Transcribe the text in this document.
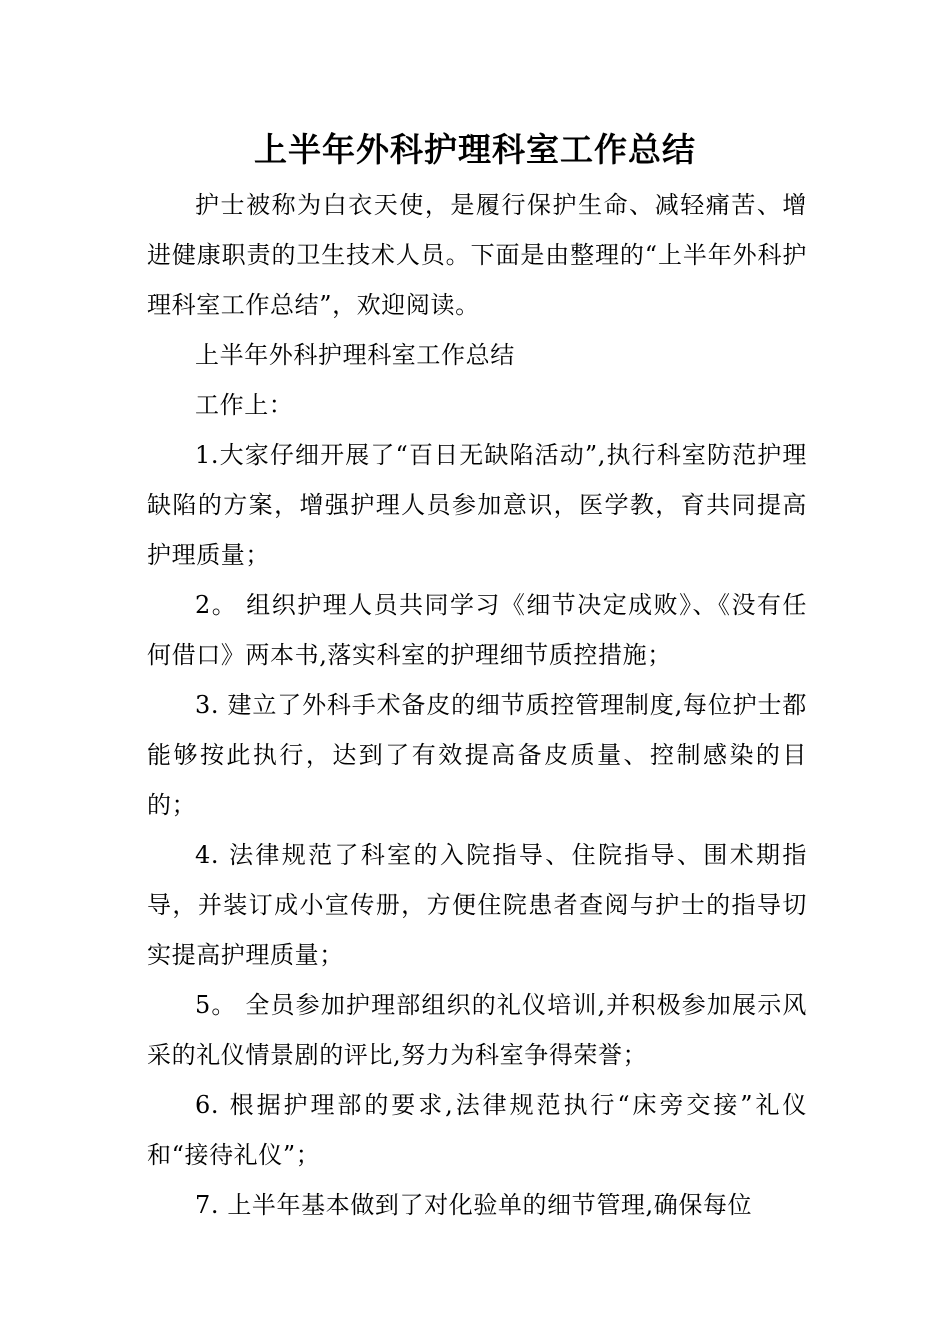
上半年外科护理科室工作总结

护士被称为白衣天使，是履行保护生命、减轻痛苦、增进健康职责的卫生技术人员。下面是由整理的“上半年外科护理科室工作总结”，欢迎阅读。

上半年外科护理科室工作总结

工作上：

1.大家仔细开展了“百日无缺陷活动”,执行科室防范护理缺陷的方案，增强护理人员参加意识，医学教，育共同提高护理质量；

2。 组织护理人员共同学习《细节决定成败》、《没有任何借口》两本书,落实科室的护理细节质控措施；

3. 建立了外科手术备皮的细节质控管理制度,每位护士都能够按此执行，达到了有效提高备皮质量、控制感染的目的；

4. 法律规范了科室的入院指导、住院指导、围术期指导，并装订成小宣传册，方便住院患者查阅与护士的指导切实提高护理质量；

5。 全员参加护理部组织的礼仪培训,并积极参加展示风采的礼仪情景剧的评比,努力为科室争得荣誉；

6. 根据护理部的要求,法律规范执行“床旁交接”礼仪和“接待礼仪”；

7. 上半年基本做到了对化验单的细节管理,确保每位
